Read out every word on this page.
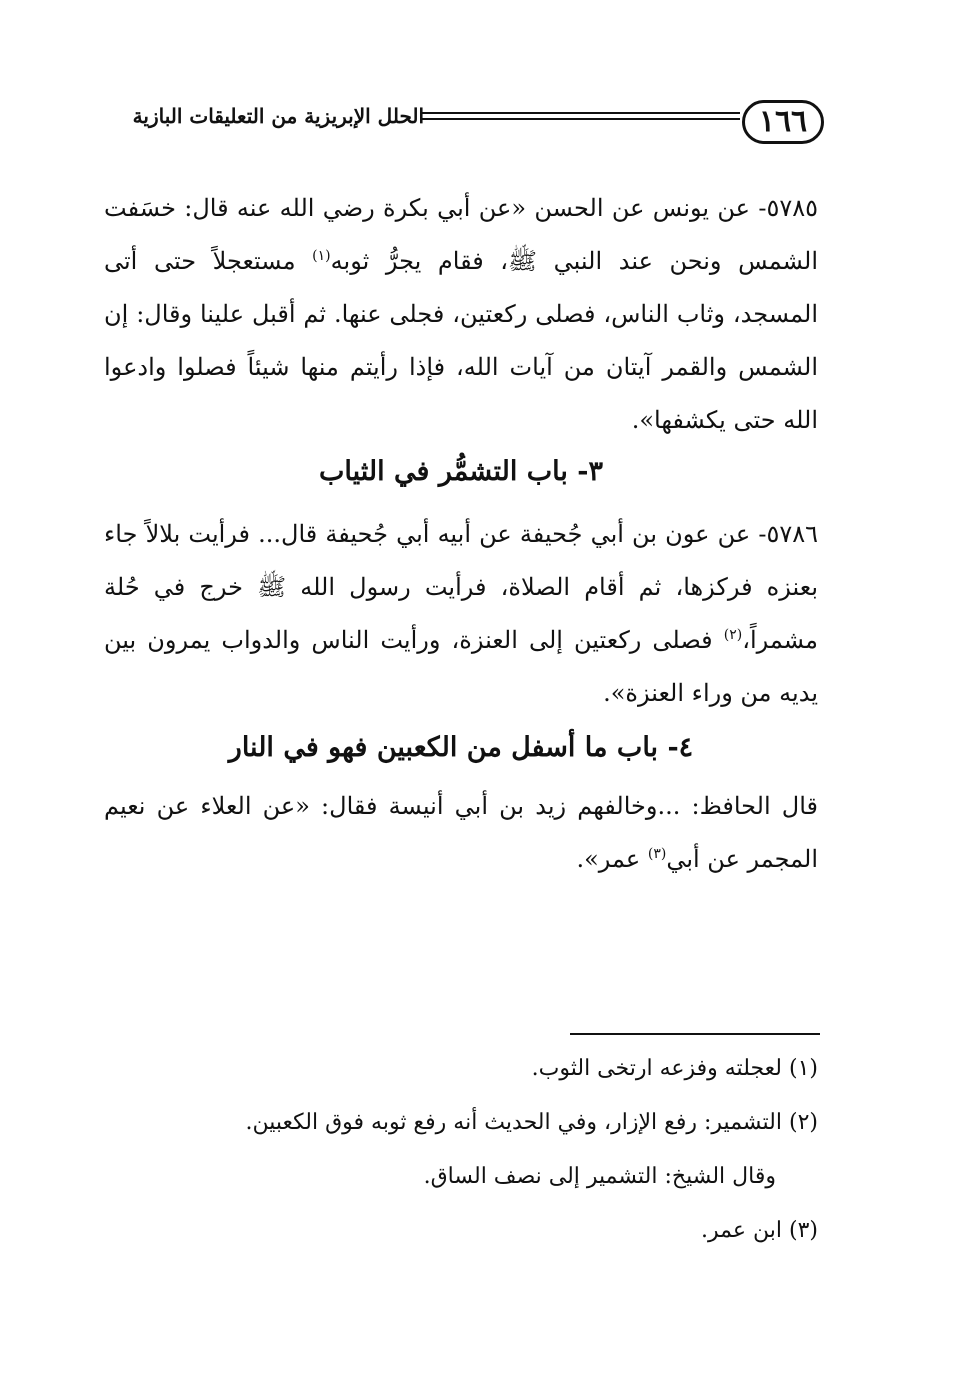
١٦٦
الحلل الإبريزية من التعليقات البازية
٥٧٨٥- عن يونس عن الحسن «عن أبي بكرة رضي الله عنه قال: خسَفت الشمس ونحن عند النبي ﷺ، فقام يجرُّ ثوبه$^{(١)}$ مستعجلاً حتى أتى المسجد، وثاب الناس، فصلى ركعتين، فجلى عنها. ثم أقبل علينا وقال: إن الشمس والقمر آيتان من آيات الله، فإذا رأيتم منها شيئاً فصلوا وادعوا الله حتى يكشفها».
٣- باب التشمُّر في الثياب
٥٧٨٦- عن عون بن أبي جُحيفة عن أبيه أبي جُحيفة قال... فرأيت بلالاً جاء بعنزه فركزها، ثم أقام الصلاة، فرأيت رسول الله ﷺ خرج في حُلة مشمراً،$^{(٢)}$ فصلى ركعتين إلى العنزة، ورأيت الناس والدواب يمرون بين يديه من وراء العنزة».
٤- باب ما أسفل من الكعبين فهو في النار
قال الحافظ: ...وخالفهم زيد بن أبي أنيسة فقال: «عن العلاء عن نعيم المجمر عن أبي$^{(٣)}$ عمر».
(١) لعجلته وفزعه ارتخى الثوب.
(٢) التشمير: رفع الإزار، وفي الحديث أنه رفع ثوبه فوق الكعبين.
وقال الشيخ: التشمير إلى نصف الساق.
(٣) ابن عمر.
